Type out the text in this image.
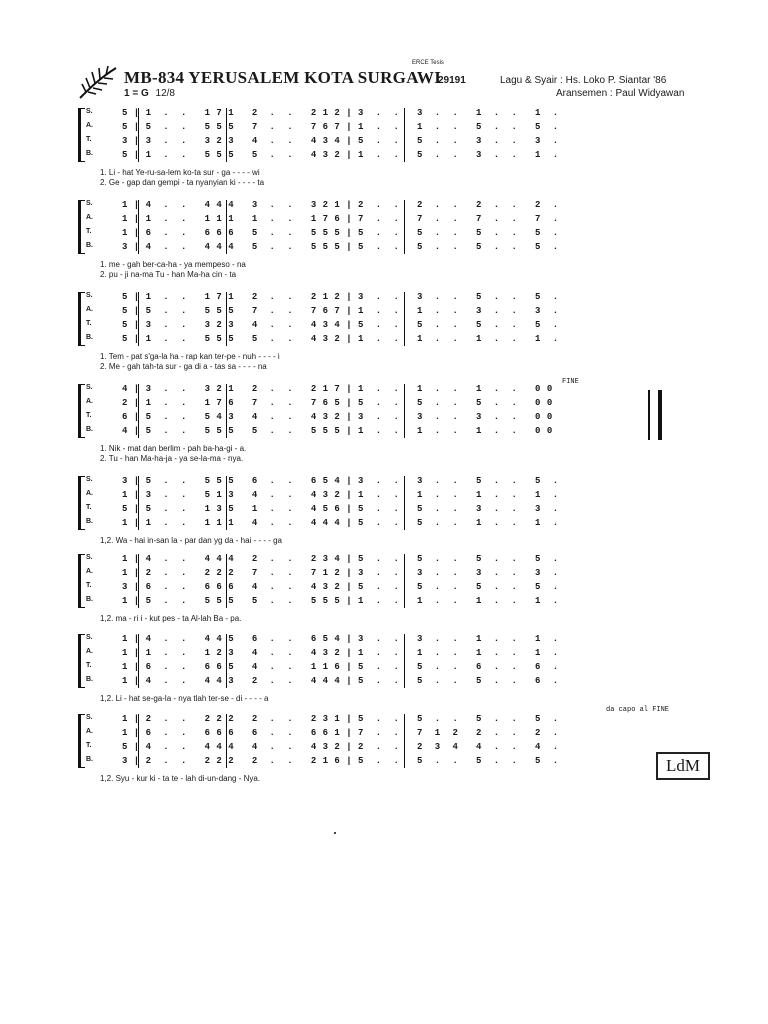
ERCE Tesis
MB-834 YERUSALEM KOTA SURGAWI
29191	Lagu & Syair : Hs. Loko P. Siantar '86
Aransemen : Paul Widyawan
1 = G 12/8
S.	5 | 1  .  .   1 7 1   2  .  .   2 1 2 | 3  .  .   3  .  .   1  .  .   1  .
A.	5 | 5  .  .   5 5 5   7  .  .   7 6 7 | 1  .  .   1  .  .   5  .  .   5  .
T.	3 | 3  .  .   3 2 3   4  .  .   4 3 4 | 5  .  .   5  .  .   3  .  .   3  .
B.	5 | 1  .  .   5 5 5   5  .  .   4 3 2 | 1  .  .   5  .  .   3  .  .   1  .
1. Li - hat Ye-ru-sa-lem ko-ta sur - ga - - - - wi
2. Ge - gap dan gempi - ta nyanyian ki - - - - ta
S.	1 | 4  .  .   4 4 4   3  .  .   3 2 1 | 2  .  .   2  .  .   2  .  .   2  .
A.	1 | 1  .  .   1 1 1   1  .  .   1 7 6 | 7  .  .   7  .  .   7  .  .   7  .
T.	1 | 6  .  .   6 6 6   5  .  .   5 5 5 | 5  .  .   5  .  .   5  .  .   5  .
B.	3 | 4  .  .   4 4 4   5  .  .   5 5 5 | 5  .  .   5  .  .   5  .  .   5  .
1. me - gah ber-ca-ha - ya mempeso - na
2. pu - ji na-ma Tu - han Ma-ha cin - ta
S.	5 | 1  .  .   1 7 1   2  .  .   2 1 2 | 3  .  .   3  .  .   5  .  .   5  .
A.	5 | 5  .  .   5 5 5   7  .  .   7 6 7 | 1  .  .   1  .  .   3  .  .   3  .
T.	5 | 3  .  .   3 2 3   4  .  .   4 3 4 | 5  .  .   5  .  .   5  .  .   5  .
B.	5 | 1  .  .   5 5 5   5  .  .   4 3 2 | 1  .  .   1  .  .   1  .  .   1  .
1. Tem - pat s'ga-la ha - rap kan ter-pe - nuh - - - - i
2. Me - gah tah-ta sur - ga di a - tas sa - - - - na
S.	4 | 3  .  .   3 2 1   2  .  .   2 1 7 | 1  .  .   1  .  .   1  .  .   0 0
A.	2 | 1  .  .   1 7 6   7  .  .   7 6 5 | 5  .  .   5  .  .   5  .  .   0 0
T.	6 | 5  .  .   5 4 3   4  .  .   4 3 2 | 3  .  .   3  .  .   3  .  .   0 0
B.	4 | 5  .  .   5 5 5   5  .  .   5 5 5 | 1  .  .   1  .  .   1  .  .   0 0
1. Nik - mat dan berlim - pah ba-ha-gi - a.
2. Tu - han Ma-ha-ja - ya se-la-ma - nya.
FINE
S.	3 | 5  .  .   5 5 5   6  .  .   6 5 4 | 3  .  .   3  .  .   5  .  .   5  .
A.	1 | 3  .  .   5 1 3   4  .  .   4 3 2 | 1  .  .   1  .  .   1  .  .   1  .
T.	5 | 5  .  .   1 3 5   1  .  .   4 5 6 | 5  .  .   5  .  .   3  .  .   3  .
B.	1 | 1  .  .   1 1 1   4  .  .   4 4 4 | 5  .  .   5  .  .   1  .  .   1  .
1,2. Wa - hai in-san la - par dan yg da - hai - - - - ga
S.	1 | 4  .  .   4 4 4   2  .  .   2 3 4 | 5  .  .   5  .  .   5  .  .   5  .
A.	1 | 2  .  .   2 2 2   7  .  .   7 1 2 | 3  .  .   3  .  .   3  .  .   3  .
T.	3 | 6  .  .   6 6 6   4  .  .   4 3 2 | 5  .  .   5  .  .   5  .  .   5  .
B.	1 | 5  .  .   5 5 5   5  .  .   5 5 5 | 1  .  .   1  .  .   1  .  .   1  .
1,2. ma - ri i - kut pes - ta Al-lah Ba - pa.
S.	1 | 4  .  .   4 4 5   6  .  .   6 5 4 | 3  .  .   3  .  .   1  .  .   1  .
A.	1 | 1  .  .   1 2 3   4  .  .   4 3 2 | 1  .  .   1  .  .   1  .  .   1  .
T.	1 | 6  .  .   6 6 5   4  .  .   1 1 6 | 5  .  .   5  .  .   6  .  .   6  .
B.	1 | 4  .  .   4 4 3   2  .  .   4 4 4 | 5  .  .   5  .  .   5  .  .   6  .
1,2. Li - hat se-ga-la - nya tlah ter-se - di - - - - a
S.	1 | 2  .  .   2 2 2   2  .  .   2 3 1 | 5  .  .   5  .  .   5  .  .   5  .
A.	1 | 6  .  .   6 6 6   6  .  .   6 6 1 | 7  .  .   7  1  2   2  .  .   2  .
T.	5 | 4  .  .   4 4 4   4  .  .   4 3 2 | 2  .  .   2  3  4   4  .  .   4  .
B.	3 | 2  .  .   2 2 2   2  .  .   2 1 6 | 5  .  .   5  .  .   5  .  .   5  .
1,2. Syu - kur ki - ta te - lah di-un-dang - Nya.
da capo al FINE
LdM
